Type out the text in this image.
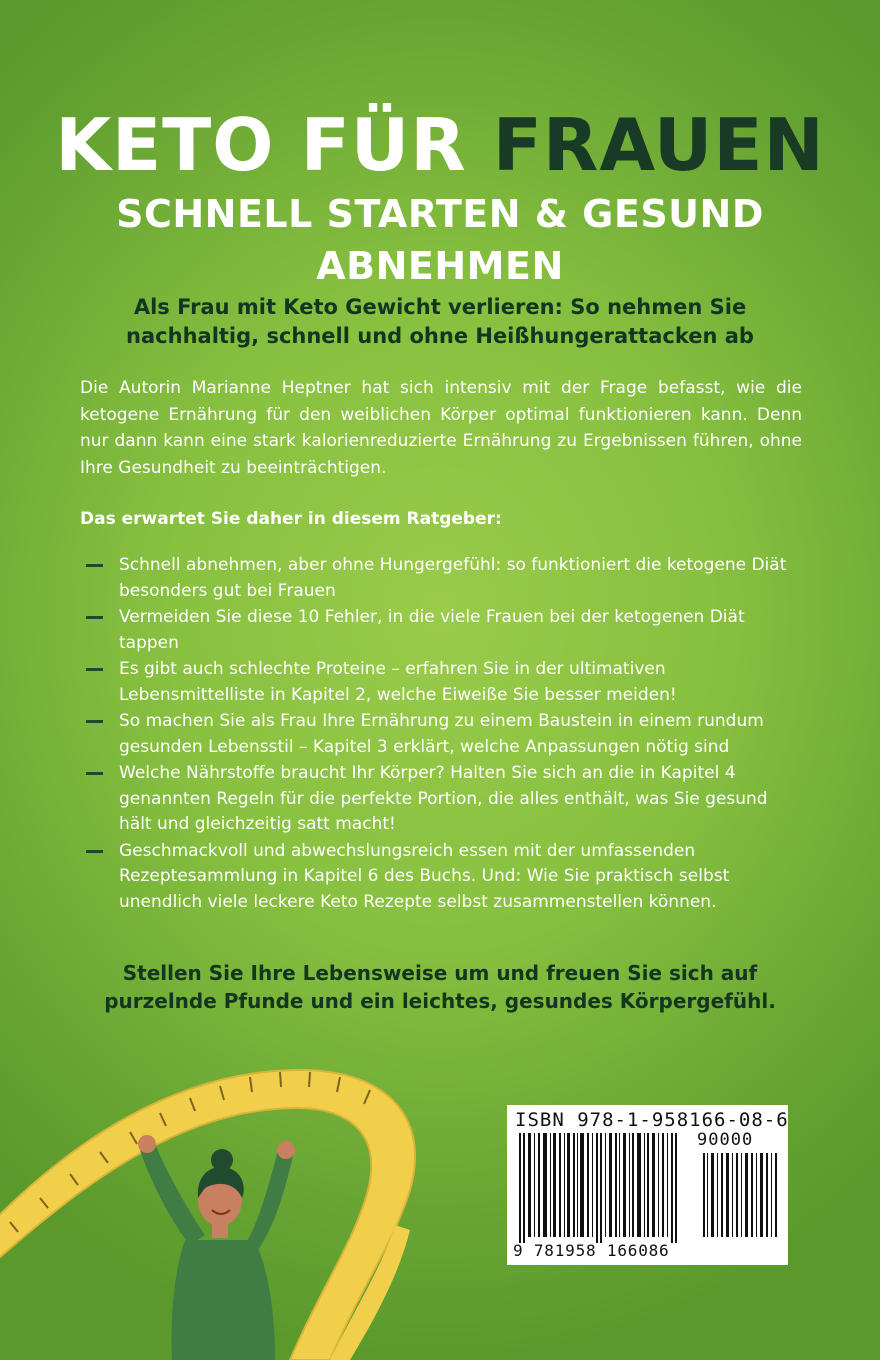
KETO FÜR FRAUEN
SCHNELL STARTEN & GESUND ABNEHMEN
Als Frau mit Keto Gewicht verlieren: So nehmen Sie nachhaltig, schnell und ohne Heißhungerattacken ab
Die Autorin Marianne Heptner hat sich intensiv mit der Frage befasst, wie die ketogene Ernährung für den weiblichen Körper optimal funktionieren kann. Denn nur dann kann eine stark kalorienreduzierte Ernährung zu Ergebnissen führen, ohne Ihre Gesundheit zu beeinträchtigen.
Das erwartet Sie daher in diesem Ratgeber:
Schnell abnehmen, aber ohne Hungergefühl: so funktioniert die ketogene Diät besonders gut bei Frauen
Vermeiden Sie diese 10 Fehler, in die viele Frauen bei der ketogenen Diät tappen
Es gibt auch schlechte Proteine – erfahren Sie in der ultimativen Lebensmittelliste in Kapitel 2, welche Eiweiße Sie besser meiden!
So machen Sie als Frau Ihre Ernährung zu einem Baustein in einem rundum gesunden Lebensstil – Kapitel 3 erklärt, welche Anpassungen nötig sind
Welche Nährstoffe braucht Ihr Körper? Halten Sie sich an die in Kapitel 4 genannten Regeln für die perfekte Portion, die alles enthält, was Sie gesund hält und gleichzeitig satt macht!
Geschmackvoll und abwechslungsreich essen mit der umfassenden Rezeptesammlung in Kapitel 6 des Buchs. Und: Wie Sie praktisch selbst unendlich viele leckere Keto Rezepte selbst zusammenstellen können.
Stellen Sie Ihre Lebensweise um und freuen Sie sich auf purzelnde Pfunde und ein leichtes, gesundes Körpergefühl.
ISBN 978-1-958166-08-6
90000
9 781958 166086
